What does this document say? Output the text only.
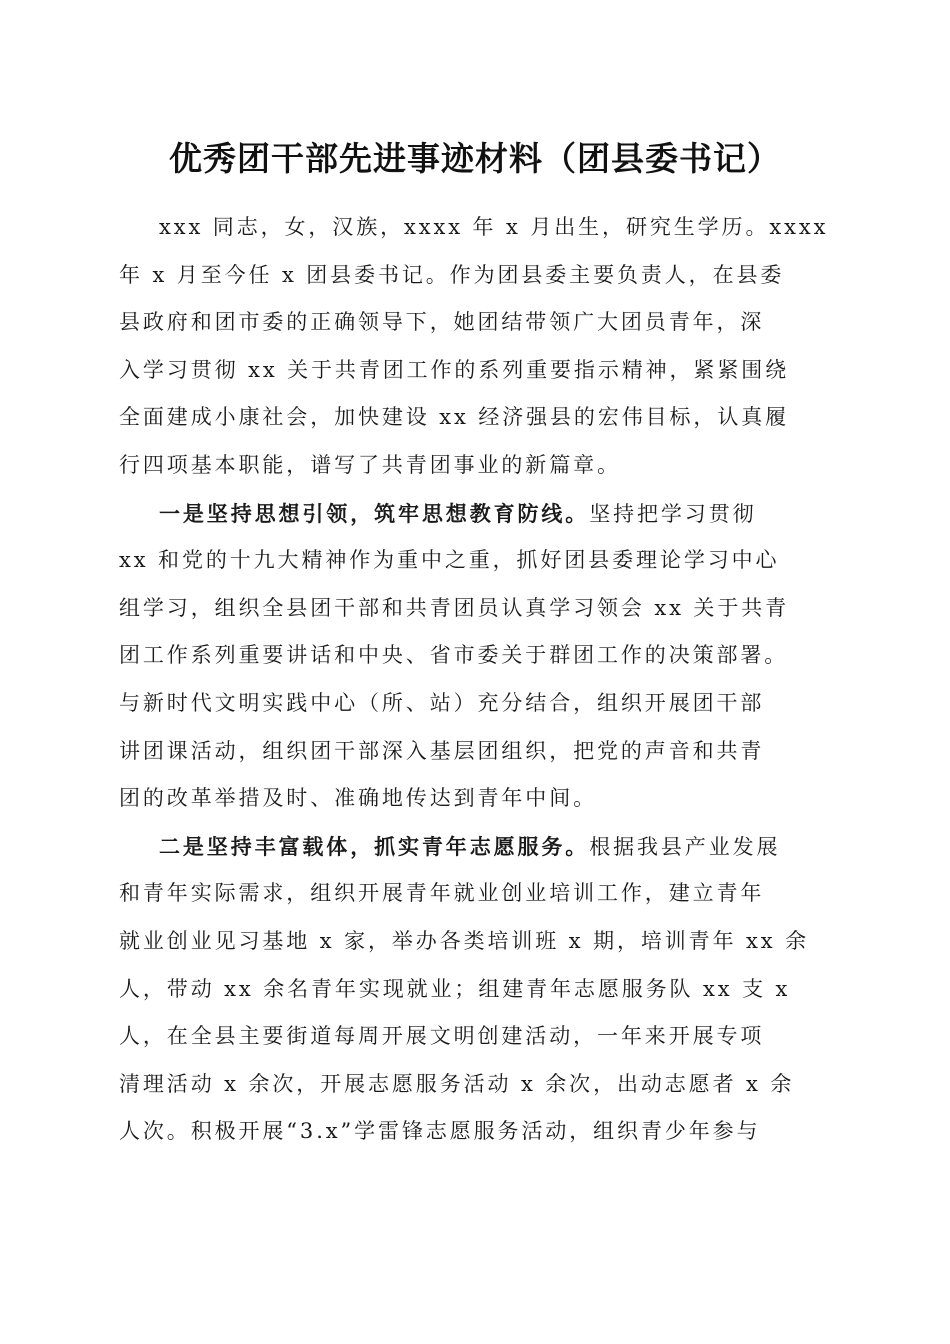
优秀团干部先进事迹材料（团县委书记）
xxx 同志，女，汉族，xxxx 年 x 月出生，研究生学历。xxxx
年 x 月至今任 x 团县委书记。作为团县委主要负责人，在县委
县政府和团市委的正确领导下，她团结带领广大团员青年，深
入学习贯彻 xx 关于共青团工作的系列重要指示精神，紧紧围绕
全面建成小康社会，加快建设 xx 经济强县的宏伟目标，认真履
行四项基本职能，谱写了共青团事业的新篇章。
一是坚持思想引领，筑牢思想教育防线。坚持把学习贯彻
xx 和党的十九大精神作为重中之重，抓好团县委理论学习中心
组学习，组织全县团干部和共青团员认真学习领会 xx 关于共青
团工作系列重要讲话和中央、省市委关于群团工作的决策部署。
与新时代文明实践中心（所、站）充分结合，组织开展团干部
讲团课活动，组织团干部深入基层团组织，把党的声音和共青
团的改革举措及时、准确地传达到青年中间。
二是坚持丰富载体，抓实青年志愿服务。根据我县产业发展
和青年实际需求，组织开展青年就业创业培训工作，建立青年
就业创业见习基地 x 家，举办各类培训班 x 期，培训青年 xx 余
人，带动 xx 余名青年实现就业；组建青年志愿服务队 xx 支 x
人，在全县主要街道每周开展文明创建活动，一年来开展专项
清理活动 x 余次，开展志愿服务活动 x 余次，出动志愿者 x 余
人次。积极开展“3.x”学雷锋志愿服务活动，组织青少年参与
